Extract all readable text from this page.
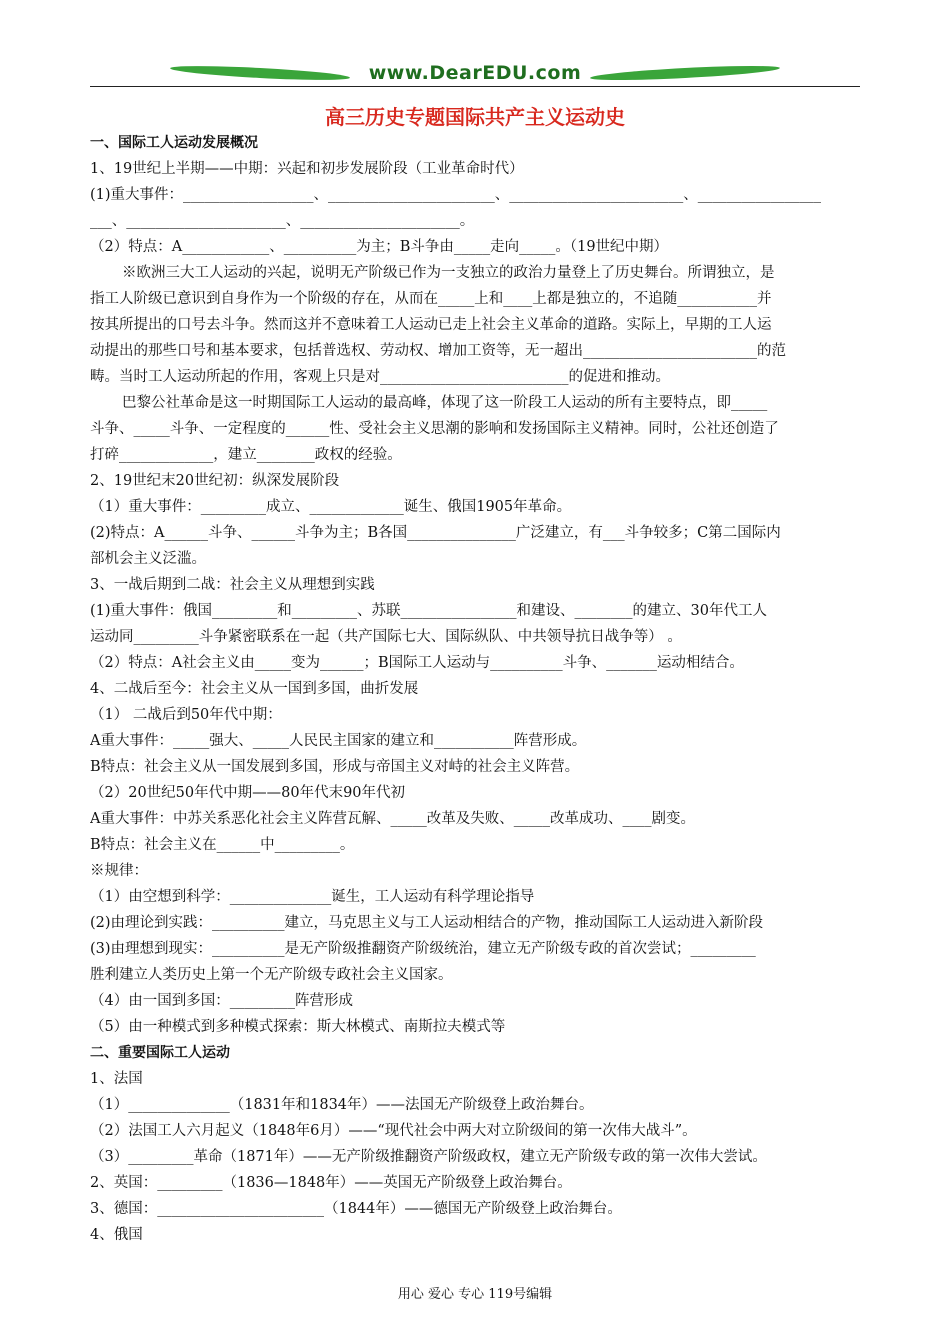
www.DearEDU.com
高三历史专题国际共产主义运动史
一、国际工人运动发展概况
1、19世纪上半期——中期：兴起和初步发展阶段（工业革命时代）
(1)重大事件：__________________、_______________________、________________________、_________________
___、______________________、______________________。
（2）特点：A____________、__________为主；B斗争由_____走向_____。（19世纪中期）
※欧洲三大工人运动的兴起，说明无产阶级已作为一支独立的政治力量登上了历史舞台。所谓独立，是
指工人阶级已意识到自身作为一个阶级的存在，从而在_____上和____上都是独立的，不追随___________并
按其所提出的口号去斗争。然而这并不意味着工人运动已走上社会主义革命的道路。实际上，早期的工人运
动提出的那些口号和基本要求，包括普选权、劳动权、增加工资等，无一超出________________________的范
畴。当时工人运动所起的作用，客观上只是对__________________________的促进和推动。
巴黎公社革命是这一时期国际工人运动的最高峰，体现了这一阶段工人运动的所有主要特点，即_____
斗争、_____斗争、一定程度的______性、受社会主义思潮的影响和发扬国际主义精神。同时，公社还创造了
打碎_____________，建立________政权的经验。
2、19世纪末20世纪初：纵深发展阶段
（1）重大事件：_________成立、_____________诞生、俄国1905年革命。
(2)特点：A______斗争、______斗争为主；B各国_______________广泛建立，有___斗争较多；C第二国际内
部机会主义泛滥。
3、一战后期到二战：社会主义从理想到实践
(1)重大事件：俄国_________和_________、苏联________________和建设、________的建立、30年代工人
运动同_________斗争紧密联系在一起（共产国际七大、国际纵队、中共领导抗日战争等） 。
（2）特点：A社会主义由_____变为______；B国际工人运动与__________斗争、_______运动相结合。
4、二战后至今：社会主义从一国到多国，曲折发展
（1） 二战后到50年代中期：
A重大事件：_____强大、_____人民民主国家的建立和___________阵营形成。
B特点：社会主义从一国发展到多国，形成与帝国主义对峙的社会主义阵营。
（2）20世纪50年代中期——80年代末90年代初
A重大事件：中苏关系恶化社会主义阵营瓦解、_____改革及失败、_____改革成功、____剧变。
B特点：社会主义在______中_________。
※规律：
（1）由空想到科学：______________诞生，工人运动有科学理论指导
(2)由理论到实践：__________建立，马克思主义与工人运动相结合的产物，推动国际工人运动进入新阶段
(3)由理想到现实：__________是无产阶级推翻资产阶级统治，建立无产阶级专政的首次尝试；_________
胜利建立人类历史上第一个无产阶级专政社会主义国家。
（4）由一国到多国：_________阵营形成
（5）由一种模式到多种模式探索：斯大林模式、南斯拉夫模式等
二、重要国际工人运动
1、法国
（1）______________（1831年和1834年）——法国无产阶级登上政治舞台。
（2）法国工人六月起义（1848年6月）——“现代社会中两大对立阶级间的第一次伟大战斗”。
（3）_________革命（1871年）——无产阶级推翻资产阶级政权，建立无产阶级专政的第一次伟大尝试。
2、英国：_________（1836—1848年）——英国无产阶级登上政治舞台。
3、德国：_______________________（1844年）——德国无产阶级登上政治舞台。
4、俄国
用心 爱心 专心 119号编辑
